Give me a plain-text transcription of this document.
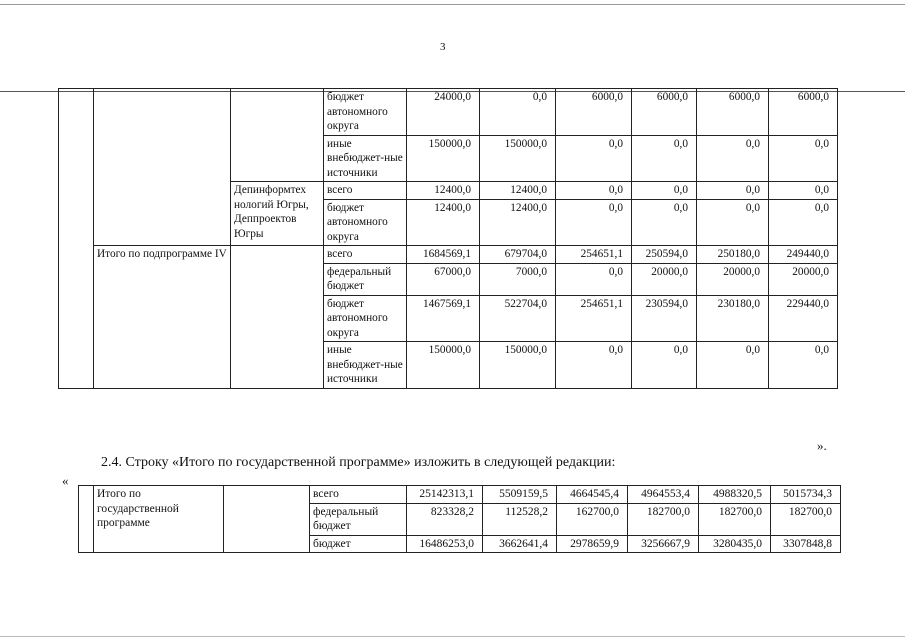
3
			бюджет автономного округа	24000,0	0,0	6000,0	6000,0	6000,0	6000,0
			иные внебюджет-ные источники	150000,0	150000,0	0,0	0,0	0,0	0,0
		Депинформтех нологий Югры, Деппроектов Югры	всего	12400,0	12400,0	0,0	0,0	0,0	0,0
			бюджет автономного округа	12400,0	12400,0	0,0	0,0	0,0	0,0
	Итого по подпрограмме IV		всего	1684569,1	679704,0	254651,1	250594,0	250180,0	249440,0
			федеральный бюджет	67000,0	7000,0	0,0	20000,0	20000,0	20000,0
			бюджет автономного округа	1467569,1	522704,0	254651,1	230594,0	230180,0	229440,0
			иные внебюджет-ные источники	150000,0	150000,0	0,0	0,0	0,0	0,0
».
2.4. Строку «Итого по государственной программе» изложить в следующей редакции:
«
	Итого по государственной программе		всего	25142313,1	5509159,5	4664545,4	4964553,4	4988320,5	5015734,3
			федеральный бюджет	823328,2	112528,2	162700,0	182700,0	182700,0	182700,0
			бюджет	16486253,0	3662641,4	2978659,9	3256667,9	3280435,0	3307848,8
